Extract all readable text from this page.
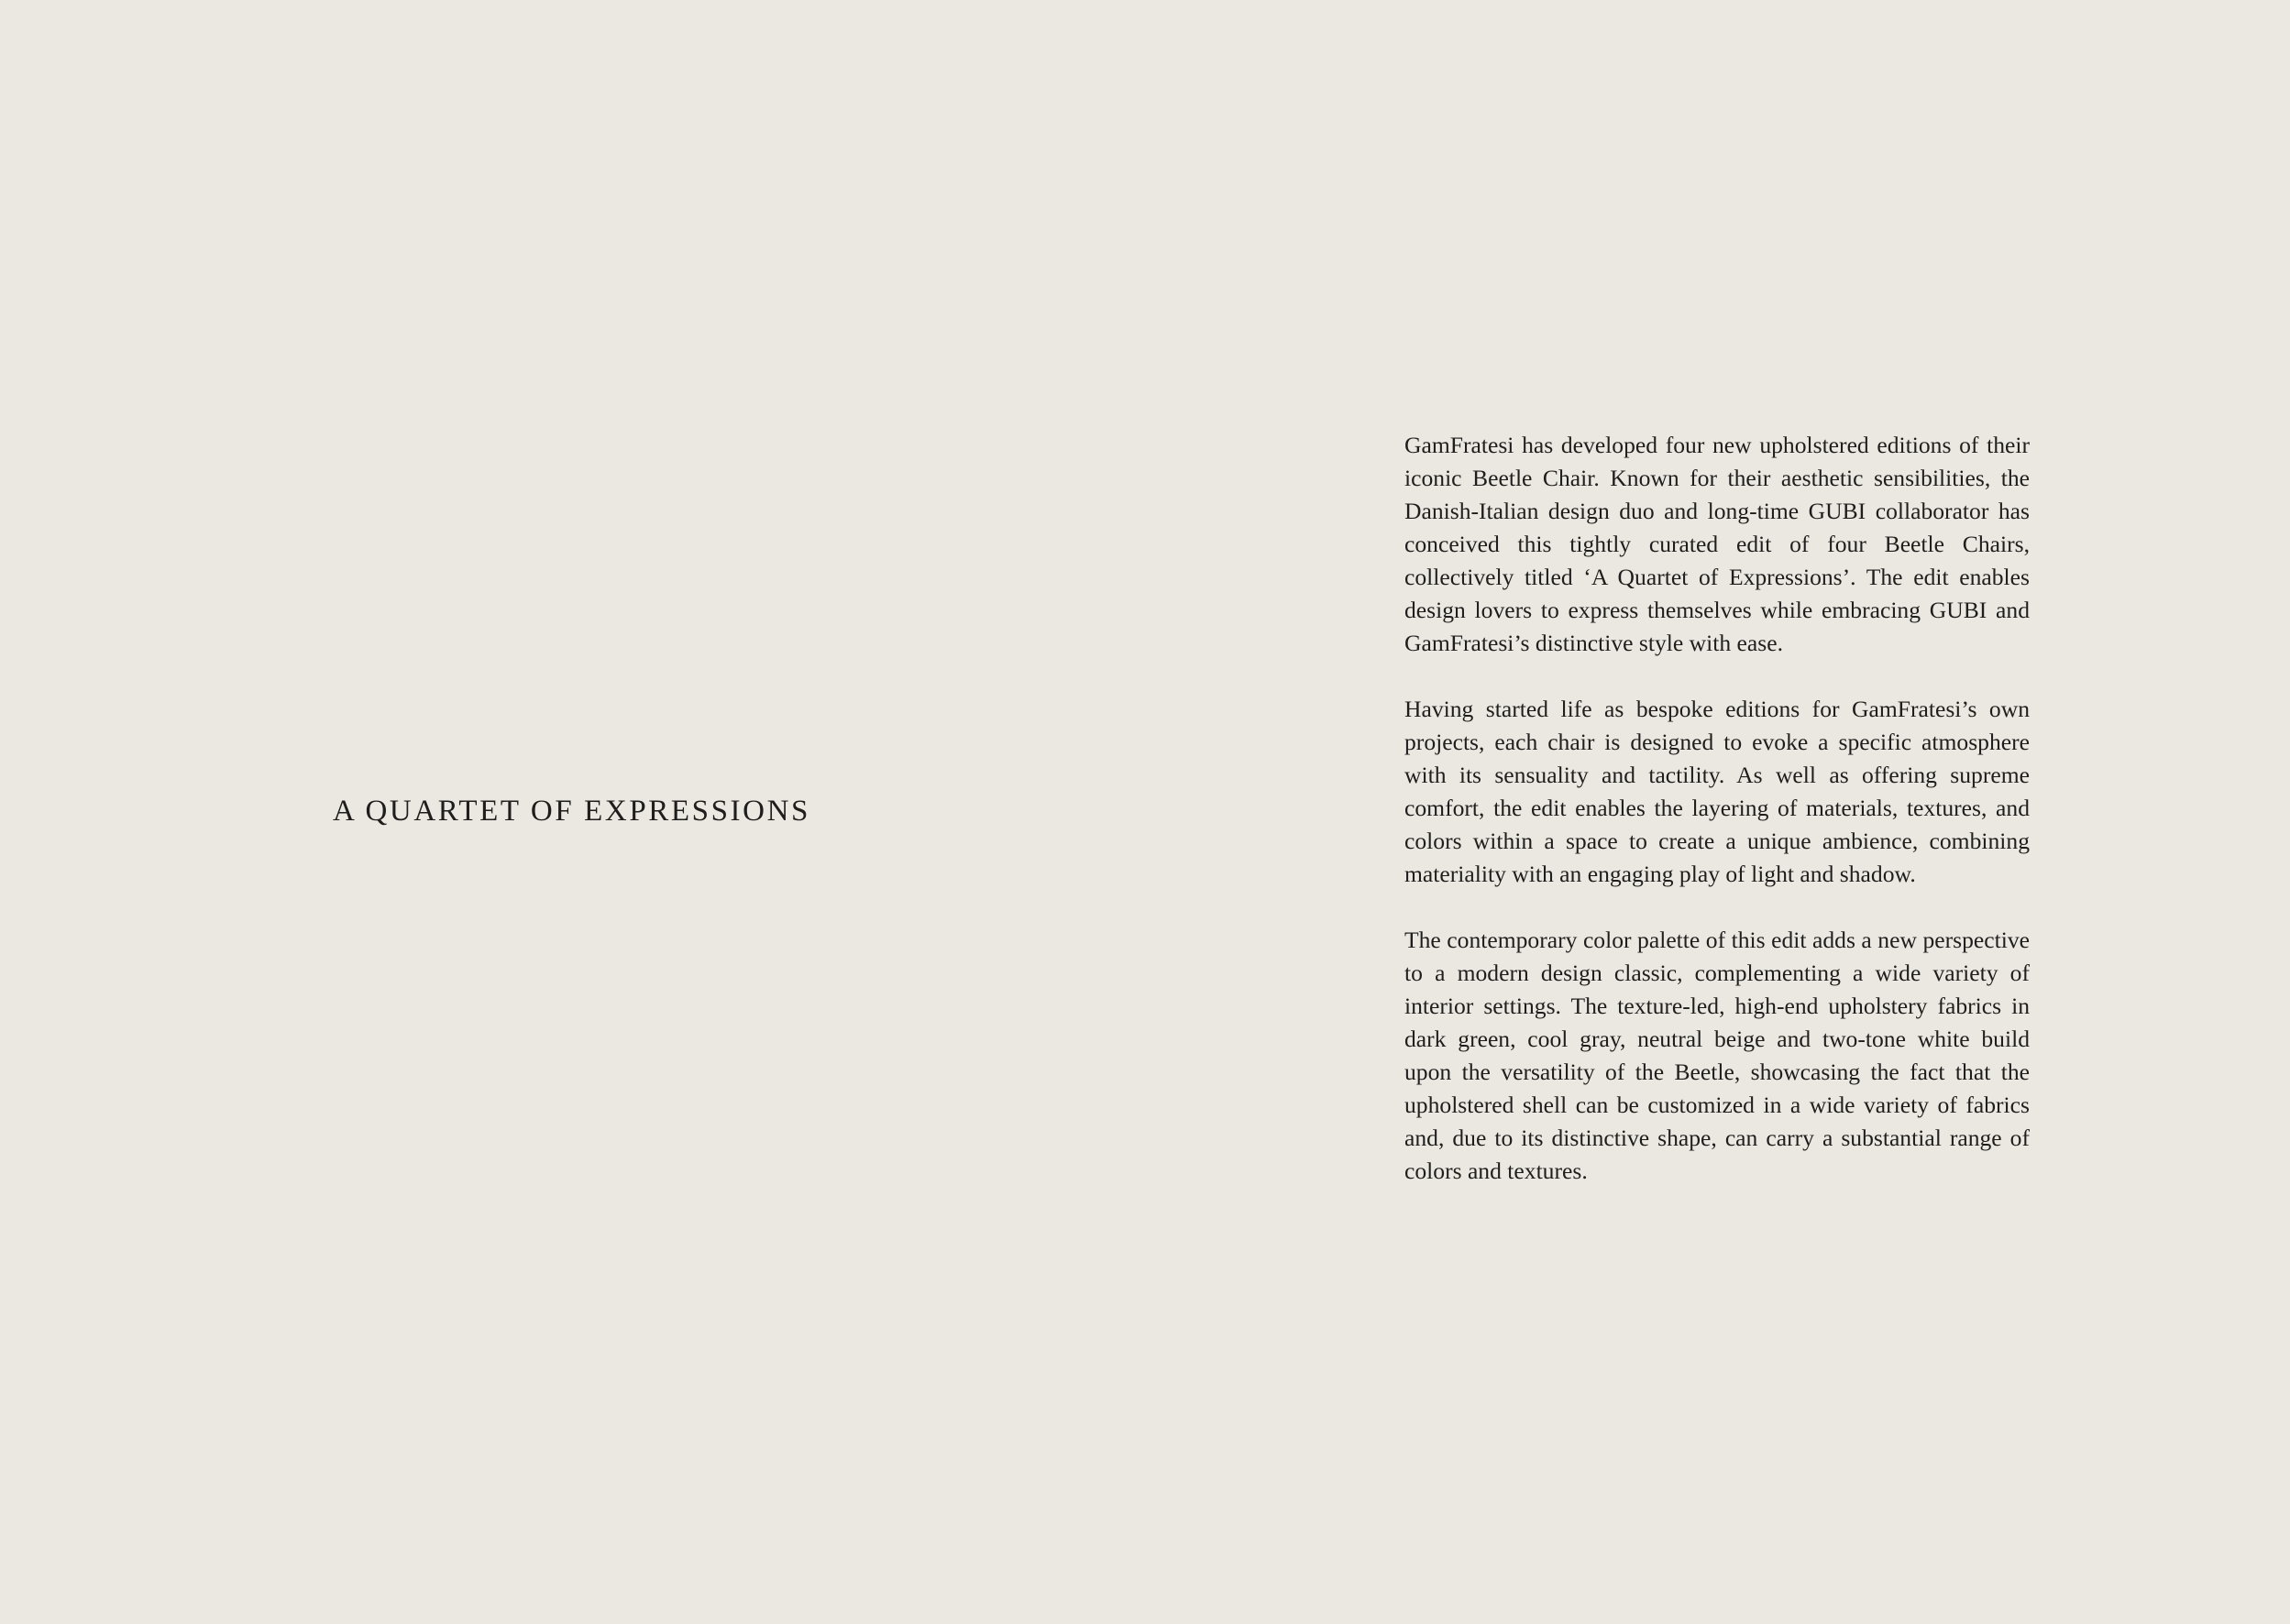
A QUARTET OF EXPRESSIONS

GamFratesi has developed four new upholstered editions of their iconic Beetle Chair. Known for their aesthetic sensibilities, the Danish-Italian design duo and long-time GUBI collaborator has conceived this tightly curated edit of four Beetle Chairs, collectively titled ‘A Quartet of Expressions’. The edit enables design lovers to express themselves while embracing GUBI and GamFratesi’s distinctive style with ease.

Having started life as bespoke editions for GamFratesi’s own projects, each chair is designed to evoke a specific atmosphere with its sensuality and tactility. As well as offering supreme comfort, the edit enables the layering of materials, textures, and colors within a space to create a unique ambience, combining materiality with an engaging play of light and shadow.

The contemporary color palette of this edit adds a new perspective to a modern design classic, complementing a wide variety of interior settings. The texture-led, high-end upholstery fabrics in dark green, cool gray, neutral beige and two-tone white build upon the versatility of the Beetle, showcasing the fact that the upholstered shell can be customized in a wide variety of fabrics and, due to its distinctive shape, can carry a substantial range of colors and textures.
